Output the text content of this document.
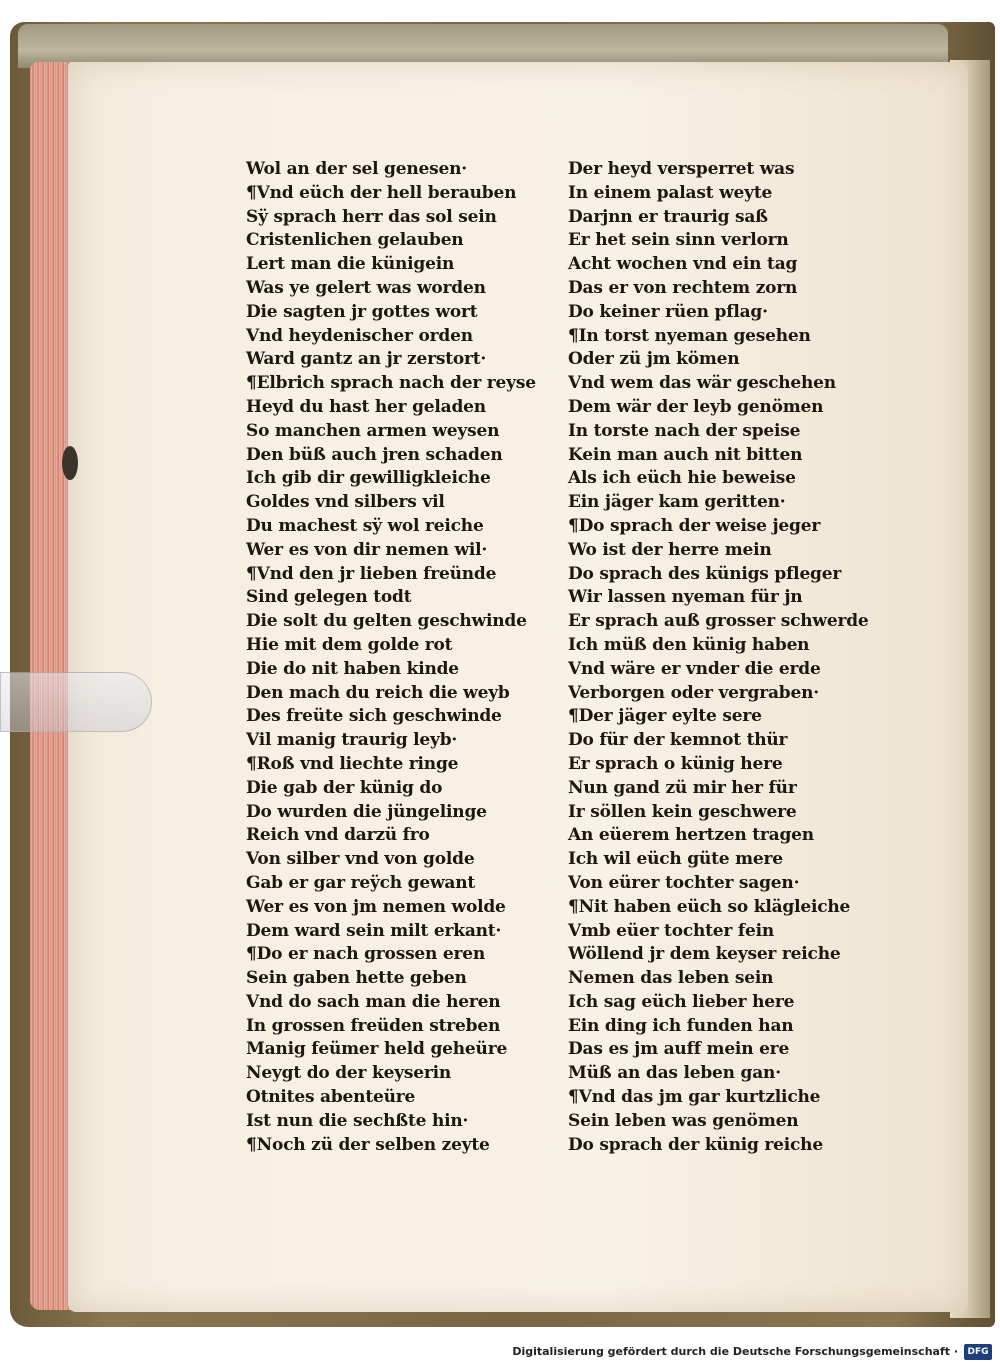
Wol an der sel genesen·
¶Vnd eüch der hell berauben
Sÿ sprach herr das sol sein
Cristenlichen gelauben
Lert man die künigein
Was ye gelert was worden
Die sagten jr gottes wort
Vnd heydenischer orden
Ward gantz an jr zerstort·
¶Elbrich sprach nach der reyse
Heyd du hast her geladen
So manchen armen weysen
Den büß auch jren schaden
Ich gib dir gewilligkleiche
Goldes vnd silbers vil
Du machest sÿ wol reiche
Wer es von dir nemen wil·
¶Vnd den jr lieben freünde
Sind gelegen todt
Die solt du gelten geschwinde
Hie mit dem golde rot
Die do nit haben kinde
Den mach du reich die weyb
Des freüte sich geschwinde
Vil manig traurig leyb·
¶Roß vnd liechte ringe
Die gab der künig do
Do wurden die jüngelinge
Reich vnd darzü fro
Von silber vnd von golde
Gab er gar reÿch gewant
Wer es von jm nemen wolde
Dem ward sein milt erkant·
¶Do er nach grossen eren
Sein gaben hette geben
Vnd do sach man die heren
In grossen freüden streben
Manig feümer held geheüre
Neygt do der keyserin
Otnites abenteüre
Ist nun die sechßte hin·
¶Noch zü der selben zeyte
Der heyd versperret was
In einem palast weyte
Darjnn er traurig saß
Er het sein sinn verlorn
Acht wochen vnd ein tag
Das er von rechtem zorn
Do keiner rüen pflag·
¶In torst nyeman gesehen
Oder zü jm kömen
Vnd wem das wär geschehen
Dem wär der leyb genömen
In torste nach der speise
Kein man auch nit bitten
Als ich eüch hie beweise
Ein jäger kam geritten·
¶Do sprach der weise jeger
Wo ist der herre mein
Do sprach des künigs pfleger
Wir lassen nyeman für jn
Er sprach auß grosser schwerde
Ich müß den künig haben
Vnd wäre er vnder die erde
Verborgen oder vergraben·
¶Der jäger eylte sere
Do für der kemnot thür
Er sprach o künig here
Nun gand zü mir her für
Ir söllen kein geschwere
An eüerem hertzen tragen
Ich wil eüch güte mere
Von eürer tochter sagen·
¶Nit haben eüch so klägleiche
Vmb eüer tochter fein
Wöllend jr dem keyser reiche
Nemen das leben sein
Ich sag eüch lieber here
Ein ding ich funden han
Das es jm auff mein ere
Müß an das leben gan·
¶Vnd das jm gar kurtzliche
Sein leben was genömen
Do sprach der künig reiche
Digitalisierung gefördert durch die Deutsche Forschungsgemeinschaft ·	DFG
